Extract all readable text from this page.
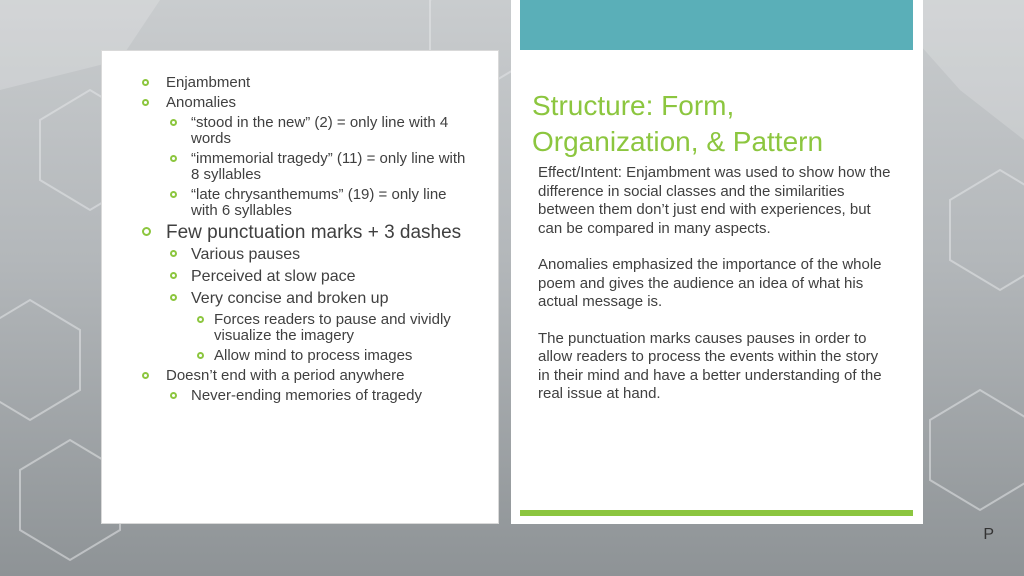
Enjambment
Anomalies
“stood in the new” (2) = only line with 4 words
“immemorial tragedy” (11) = only line with 8 syllables
“late chrysanthemums” (19) = only line with 6 syllables
Few punctuation marks + 3 dashes
Various pauses
Perceived at slow pace
Very concise and broken up
Forces readers to pause and vividly visualize the imagery
Allow mind to process images
Doesn’t end with a period anywhere
Never-ending memories of tragedy
Structure: Form, Organization, & Pattern

Effect/Intent: Enjambment was used to show how the difference in social classes and the similarities between them don’t just end with experiences, but can be compared in many aspects.

Anomalies emphasized the importance of the whole poem and gives the audience an idea of what his actual message is.

The punctuation marks causes pauses in order to allow readers to process the events within the story in their mind and have a better understanding of the real issue at hand.

P
